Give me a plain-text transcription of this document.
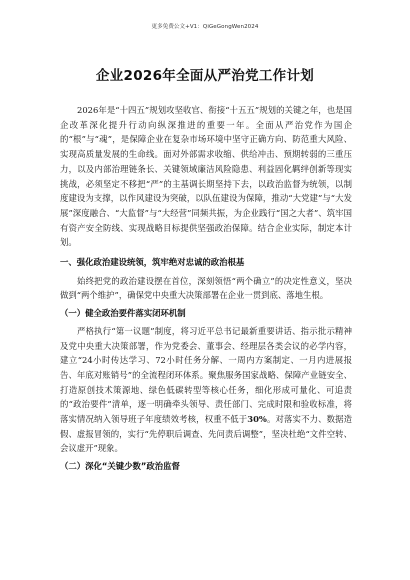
更多免费公文+V1：QiGeGongWen2024
企业2026年全面从严治党工作计划

2026年是“十四五”规划攻坚收官、衔接“十五五”规划的关键之年，也是国企改革深化提升行动向纵深推进的重要一年。全面从严治党作为国企的“根”与“魂”，是保障企业在复杂市场环境中坚守正确方向、防范重大风险、实现高质量发展的生命线。面对外部需求收缩、供给冲击、预期转弱的三重压力，以及内部治理链条长、关键领域廉洁风险隐患、利益固化羁绊创新等现实挑战，必须坚定不移把“严”的主基调长期坚持下去，以政治监督为统领，以制度建设为支撑，以作风建设为突破，以队伍建设为保障，推动“大党建”与“大发展”深度融合、“大监督”与“大经营”同频共振，为企业践行“国之大者”、筑牢国有资产安全防线、实现战略目标提供坚强政治保障。结合企业实际，制定本计划。

一、强化政治建设统领，筑牢绝对忠诚的政治根基

始终把党的政治建设摆在首位，深刻领悟“两个确立”的决定性意义，坚决做到“两个维护”，确保党中央重大决策部署在企业一贯到底、落地生根。

（一）健全政治要件落实闭环机制

严格执行“第一议题”制度，将习近平总书记最新重要讲话、指示批示精神及党中央重大决策部署，作为党委会、董事会、经理层各类会议的必学内容，建立“24小时传达学习、72小时任务分解、一周内方案制定、一月内进展报告、年底对账销号”的全流程闭环体系。聚焦服务国家战略、保障产业链安全、打造原创技术策源地、绿色低碳转型等核心任务，细化形成可量化、可追责的“政治要件”清单，逐一明确牵头领导、责任部门、完成时限和验收标准，将落实情况纳入领导班子年度绩效考核，权重不低于30%。对落实不力、数据造假、虚报冒领的，实行“先停职后调查、先问责后调整”，坚决杜绝“文件空转、会议虚开”现象。

（二）深化“关键少数”政治监督
